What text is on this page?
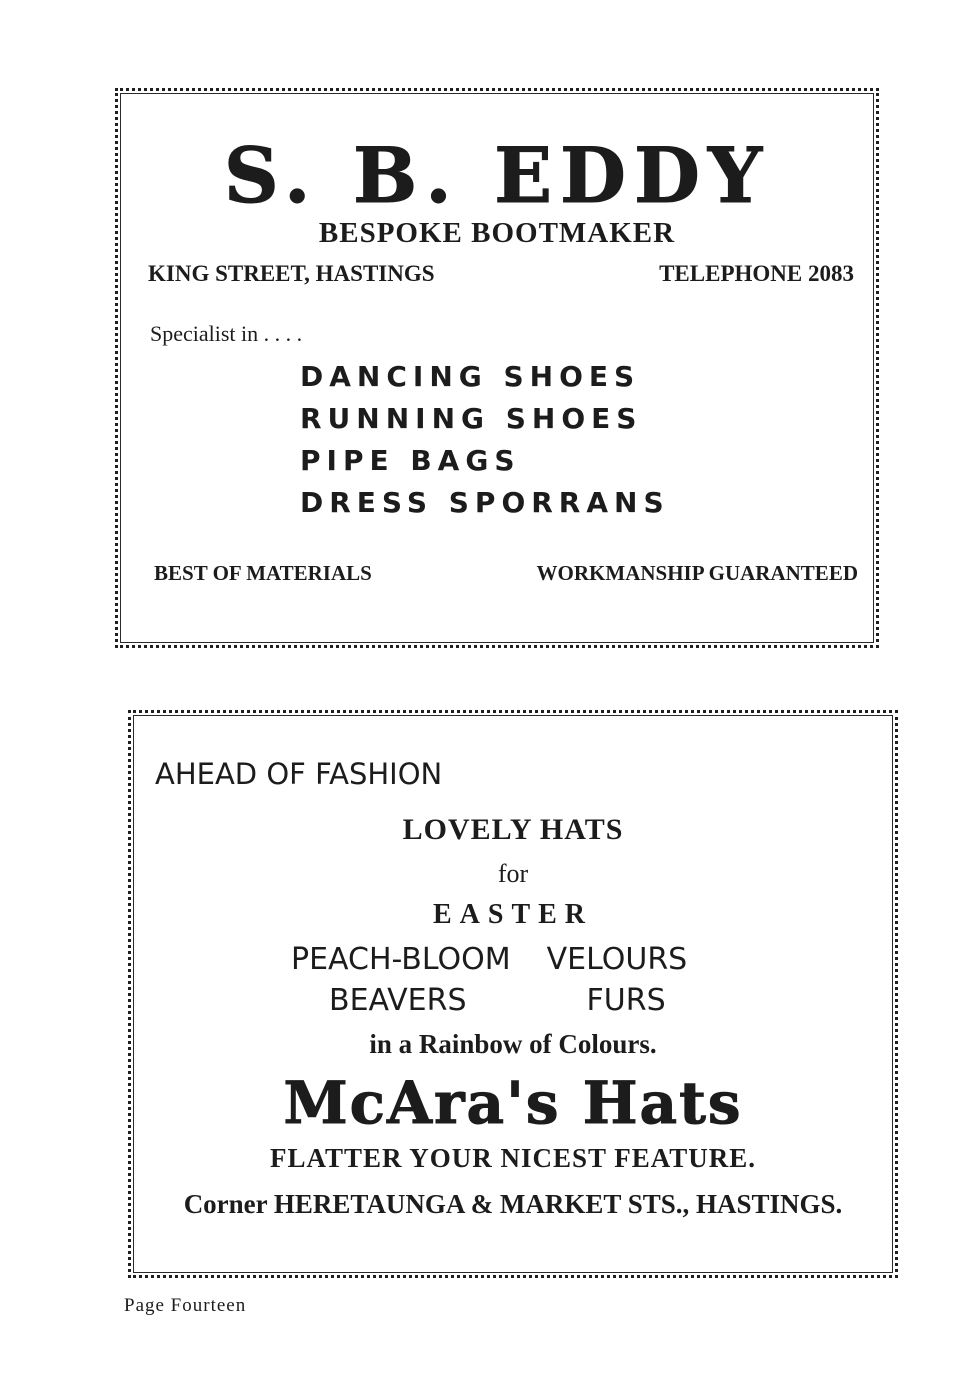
S. B. EDDY
BESPOKE BOOTMAKER
KING STREET, HASTINGS	TELEPHONE 2083
Specialist in . . . .
DANCING SHOES
RUNNING SHOES
PIPE BAGS
DRESS SPORRANS
BEST OF MATERIALS	WORKMANSHIP GUARANTEED
AHEAD OF FASHION
LOVELY HATS
for
EASTER
PEACH-BLOOM VELOURS
BEAVERS	FURS
in a Rainbow of Colours.
McAra's Hats
FLATTER YOUR NICEST FEATURE.
Corner HERETAUNGA & MARKET STS., HASTINGS.
Page Fourteen
